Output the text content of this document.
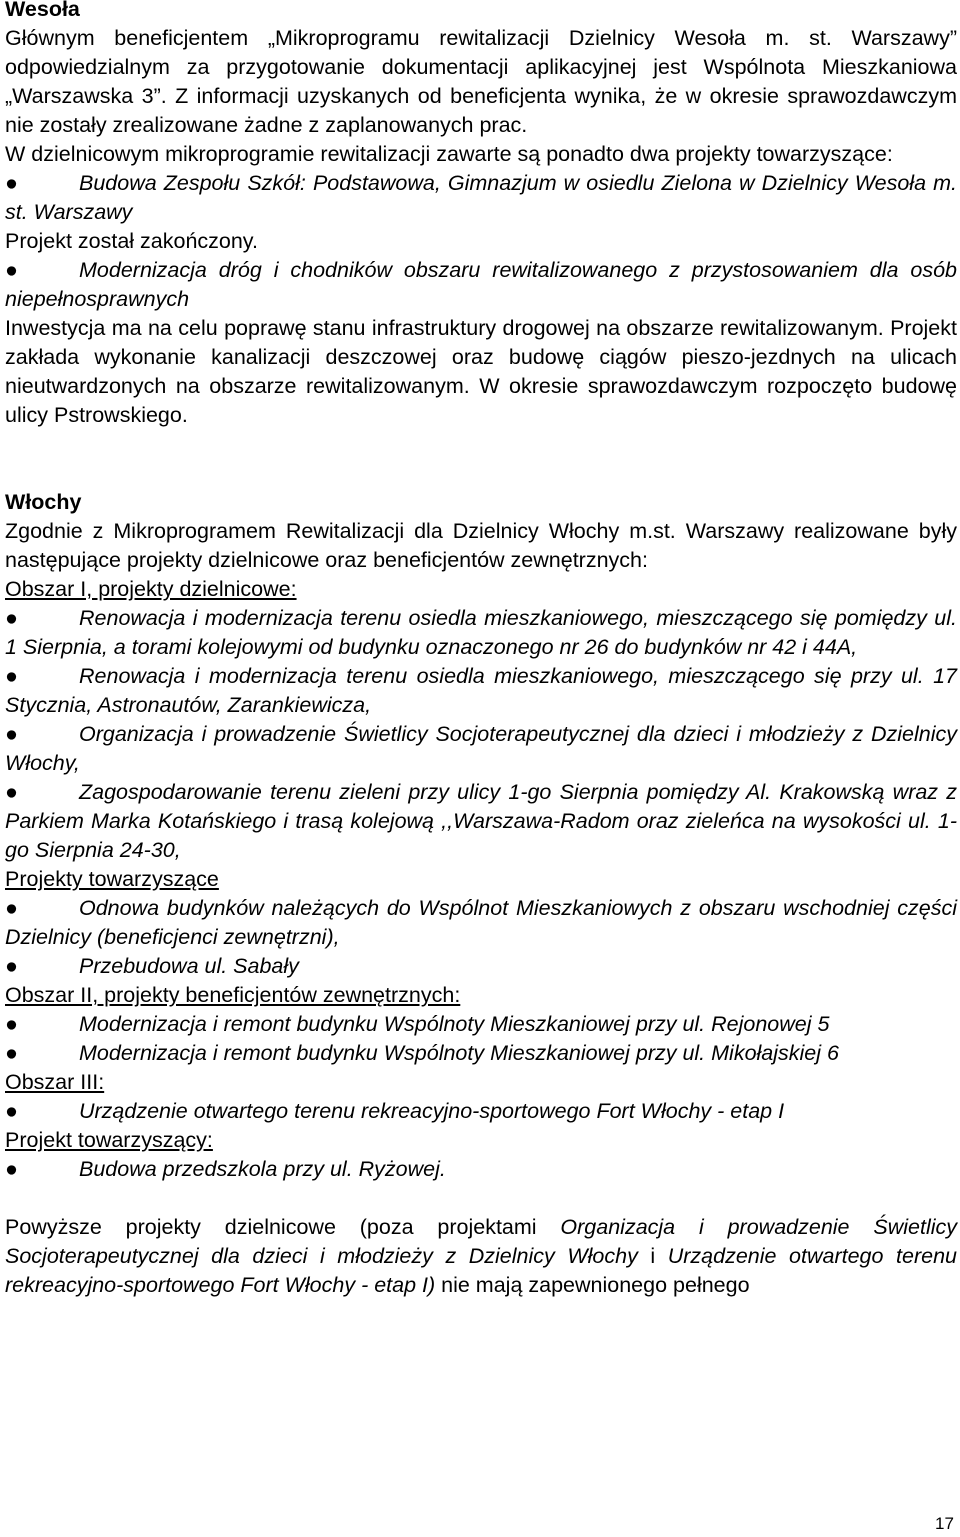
Wesoła
Głównym beneficjentem „Mikroprogramu rewitalizacji Dzielnicy Wesoła m. st. Warszawy” odpowiedzialnym za przygotowanie dokumentacji aplikacyjnej jest Wspólnota Mieszkaniowa „Warszawska 3”. Z informacji uzyskanych od beneficjenta wynika, że w okresie sprawozdawczym nie zostały zrealizowane żadne z zaplanowanych prac.
W dzielnicowym mikroprogramie rewitalizacji zawarte są ponadto dwa projekty towarzyszące:
●	Budowa Zespołu Szkół: Podstawowa, Gimnazjum w osiedlu Zielona w Dzielnicy Wesoła m. st. Warszawy
Projekt został zakończony.
●	Modernizacja dróg i chodników obszaru rewitalizowanego z przystosowaniem dla osób niepełnosprawnych
Inwestycja ma na celu poprawę stanu infrastruktury drogowej na obszarze rewitalizowanym. Projekt zakłada wykonanie kanalizacji deszczowej oraz budowę ciągów pieszo-jezdnych na ulicach nieutwardzonych na obszarze rewitalizowanym. W okresie sprawozdawczym rozpoczęto budowę ulicy Pstrowskiego.
Włochy
Zgodnie z Mikroprogramem Rewitalizacji dla Dzielnicy Włochy m.st. Warszawy realizowane były następujące projekty dzielnicowe oraz beneficjentów zewnętrznych:
Obszar I, projekty dzielnicowe:
●	Renowacja i modernizacja terenu osiedla mieszkaniowego, mieszczącego się pomiędzy ul. 1 Sierpnia, a torami kolejowymi od budynku oznaczonego nr 26 do budynków nr 42 i 44A,
●	Renowacja i modernizacja terenu osiedla mieszkaniowego, mieszczącego się przy ul. 17 Stycznia, Astronautów, Zarankiewicza,
●	Organizacja i prowadzenie Świetlicy Socjoterapeutycznej dla dzieci i młodzieży z Dzielnicy Włochy,
●	Zagospodarowanie terenu zieleni przy ulicy 1-go Sierpnia pomiędzy Al. Krakowską wraz z Parkiem Marka Kotańskiego i trasą kolejową ,,Warszawa-Radom oraz zieleńca na wysokości ul. 1-go Sierpnia 24-30,
Projekty towarzyszące
●	Odnowa budynków należących do Wspólnot Mieszkaniowych z obszaru wschodniej części Dzielnicy (beneficjenci zewnętrzni),
●	Przebudowa ul. Sabały
Obszar II, projekty beneficjentów zewnętrznych:
●	Modernizacja i remont budynku Wspólnoty Mieszkaniowej przy ul. Rejonowej 5
●	Modernizacja i remont budynku Wspólnoty Mieszkaniowej przy ul. Mikołajskiej 6
Obszar III:
●	Urządzenie otwartego terenu rekreacyjno-sportowego Fort Włochy - etap I
Projekt towarzyszący:
●	Budowa przedszkola przy ul. Ryżowej.
Powyższe projekty dzielnicowe (poza projektami Organizacja i prowadzenie Świetlicy Socjoterapeutycznej dla dzieci i młodzieży z Dzielnicy Włochy i Urządzenie otwartego terenu rekreacyjno-sportowego Fort Włochy - etap I) nie mają zapewnionego pełnego
17
